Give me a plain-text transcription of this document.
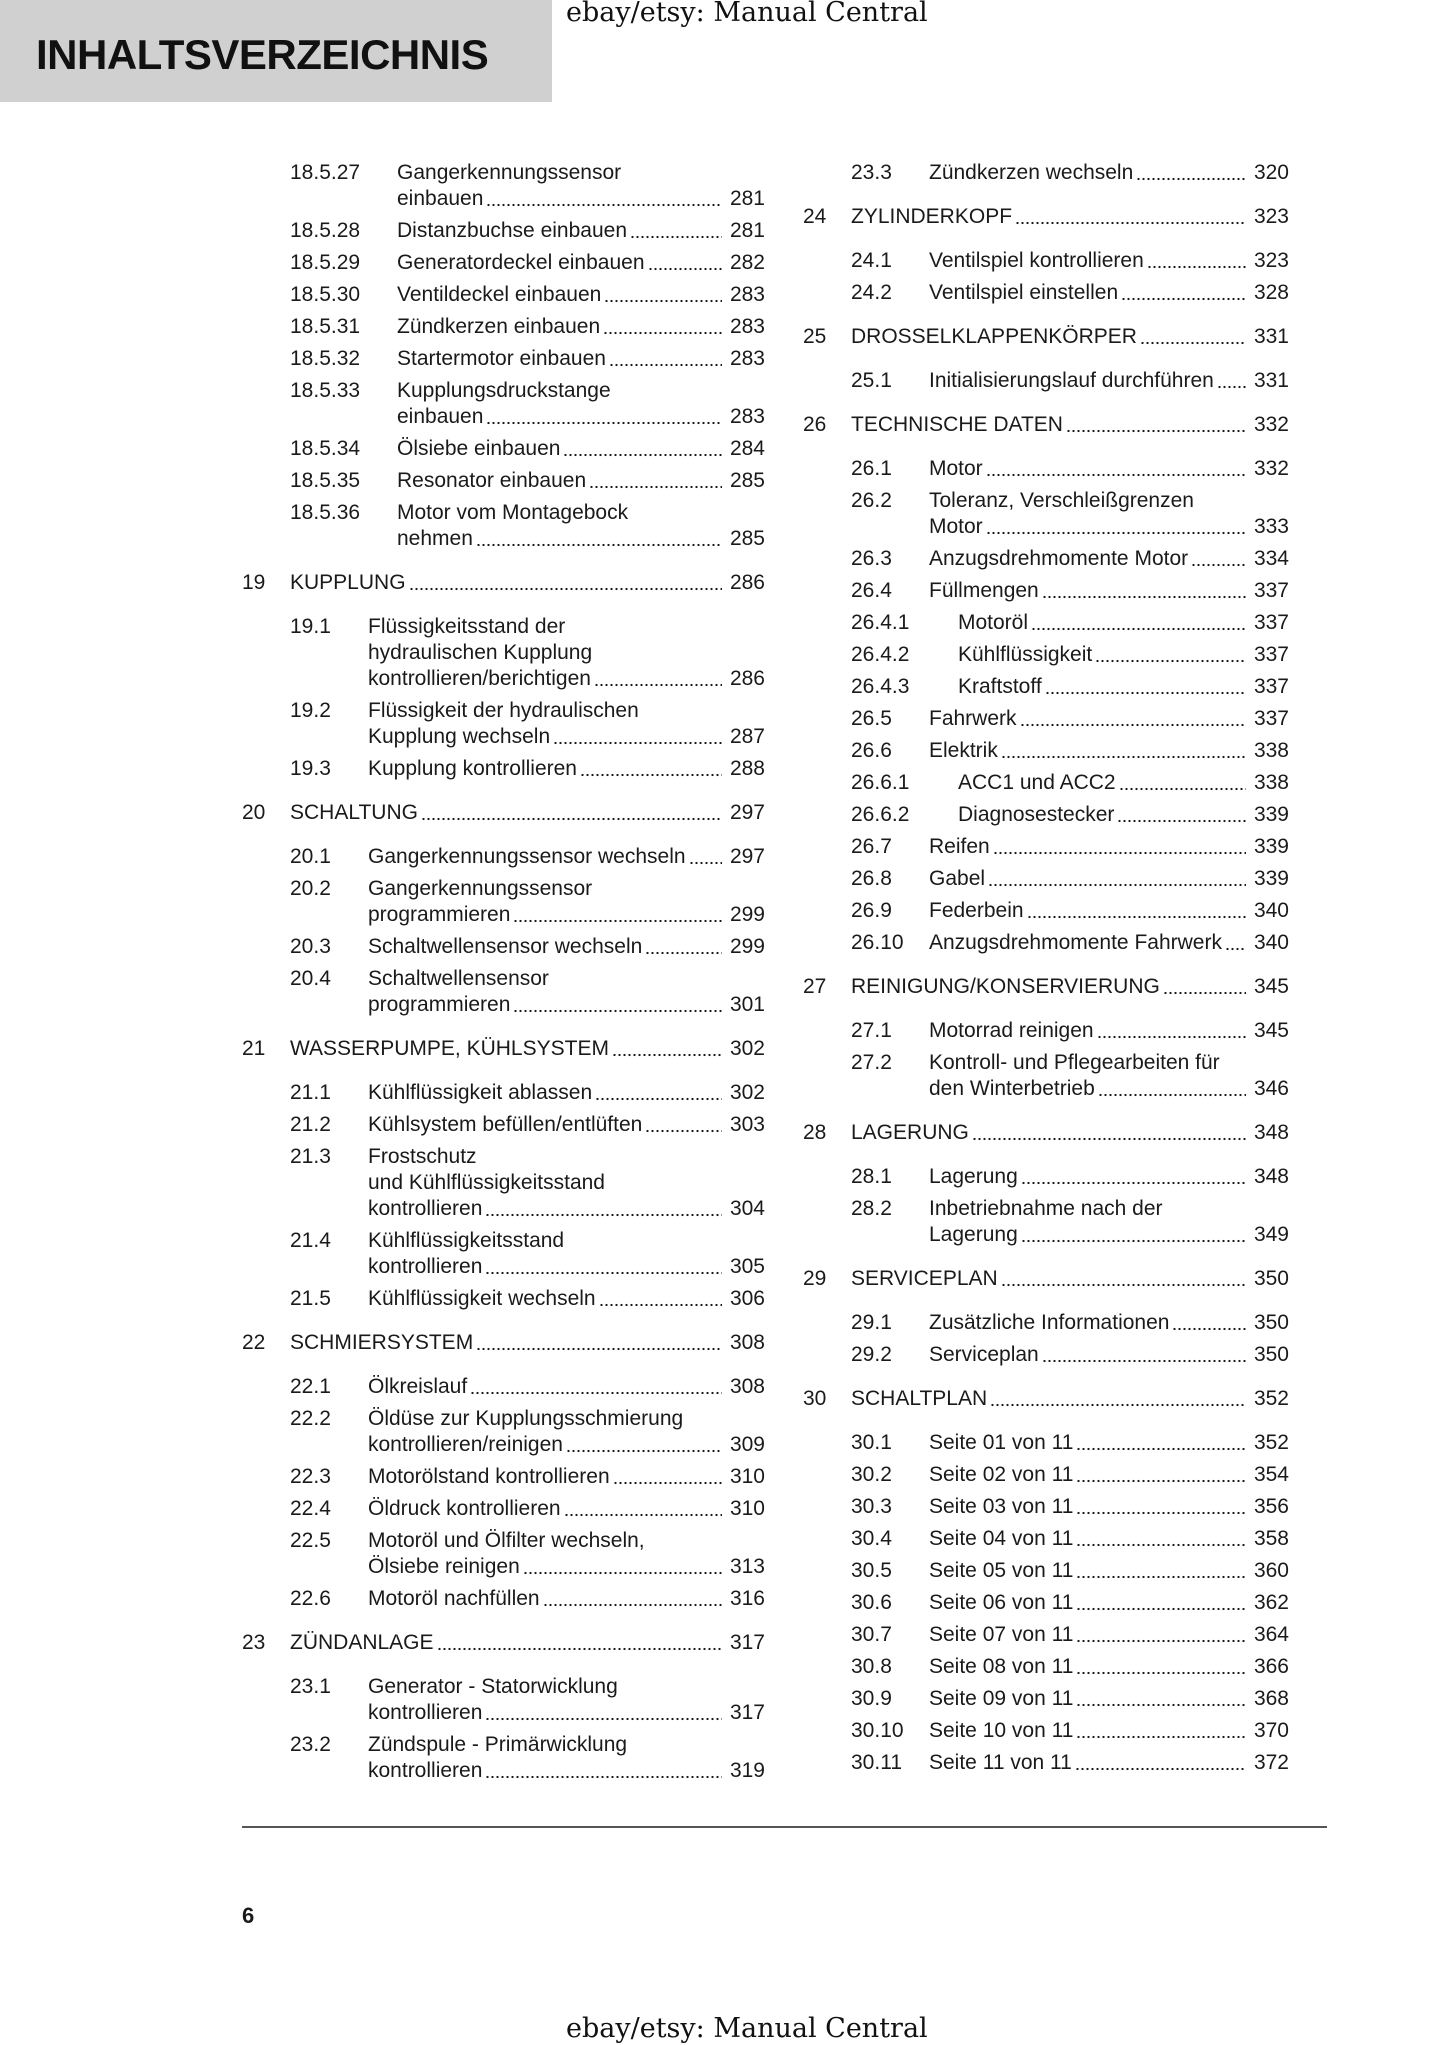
INHALTSVERZEICHNIS
ebay/etsy: Manual Central
18.5.27 Gangerkennungssensor
einbauen	281
18.5.28 Distanzbuchse einbauen	281
18.5.29 Generatordeckel einbauen	282
18.5.30 Ventildeckel einbauen	283
18.5.31 Zündkerzen einbauen	283
18.5.32 Startermotor einbauen	283
18.5.33 Kupplungsdruckstange
einbauen	283
18.5.34 Ölsiebe einbauen	284
18.5.35 Resonator einbauen	285
18.5.36 Motor vom Montagebock
nehmen	285
19 KUPPLUNG	286
19.1 Flüssigkeitsstand der
hydraulischen Kupplung
kontrollieren/berichtigen	286
19.2 Flüssigkeit der hydraulischen
Kupplung wechseln	287
19.3 Kupplung kontrollieren	288
20 SCHALTUNG	297
20.1 Gangerkennungssensor wechseln 297
20.2 Gangerkennungssensor
programmieren	299
20.3 Schaltwellensensor wechseln	299
20.4 Schaltwellensensor
programmieren	301
21 WASSERPUMPE, KÜHLSYSTEM	302
21.1 Kühlflüssigkeit ablassen	302
21.2 Kühlsystem befüllen/entlüften	303
21.3 Frostschutz
und Kühlflüssigkeitsstand
kontrollieren	304
21.4 Kühlflüssigkeitsstand
kontrollieren	305
21.5 Kühlflüssigkeit wechseln	306
22 SCHMIERSYSTEM	308
22.1 Ölkreislauf	308
22.2 Öldüse zur Kupplungsschmierung
kontrollieren/reinigen	309
22.3 Motorölstand kontrollieren	310
22.4 Öldruck kontrollieren	310
22.5 Motoröl und Ölfilter wechseln,
Ölsiebe reinigen	313
22.6 Motoröl nachfüllen	316
23 ZÜNDANLAGE	317
23.1 Generator - Statorwicklung
kontrollieren	317
23.2 Zündspule - Primärwicklung
kontrollieren	319
23.3 Zündkerzen wechseln	320
24 ZYLINDERKOPF	323
24.1 Ventilspiel kontrollieren	323
24.2 Ventilspiel einstellen	328
25 DROSSELKLAPPENKÖRPER	331
25.1 Initialisierungslauf durchführen 331
26 TECHNISCHE DATEN	332
26.1 Motor	332
26.2 Toleranz, Verschleißgrenzen
Motor	333
26.3 Anzugsdrehmomente Motor	334
26.4 Füllmengen	337
26.4.1 Motoröl	337
26.4.2 Kühlflüssigkeit	337
26.4.3 Kraftstoff	337
26.5 Fahrwerk	337
26.6 Elektrik	338
26.6.1 ACC1 und ACC2	338
26.6.2 Diagnosestecker	339
26.7 Reifen	339
26.8 Gabel	339
26.9 Federbein	340
26.10 Anzugsdrehmomente Fahrwerk 340
27 REINIGUNG/KONSERVIERUNG	345
27.1 Motorrad reinigen	345
27.2 Kontroll- und Pflegearbeiten für
den Winterbetrieb	346
28 LAGERUNG	348
28.1 Lagerung	348
28.2 Inbetriebnahme nach der
Lagerung	349
29 SERVICEPLAN	350
29.1 Zusätzliche Informationen	350
29.2 Serviceplan	350
30 SCHALTPLAN	352
30.1 Seite 01 von 11	352
30.2 Seite 02 von 11	354
30.3 Seite 03 von 11	356
30.4 Seite 04 von 11	358
30.5 Seite 05 von 11	360
30.6 Seite 06 von 11	362
30.7 Seite 07 von 11	364
30.8 Seite 08 von 11	366
30.9 Seite 09 von 11	368
30.10 Seite 10 von 11	370
30.11 Seite 11 von 11	372
6
ebay/etsy: Manual Central
